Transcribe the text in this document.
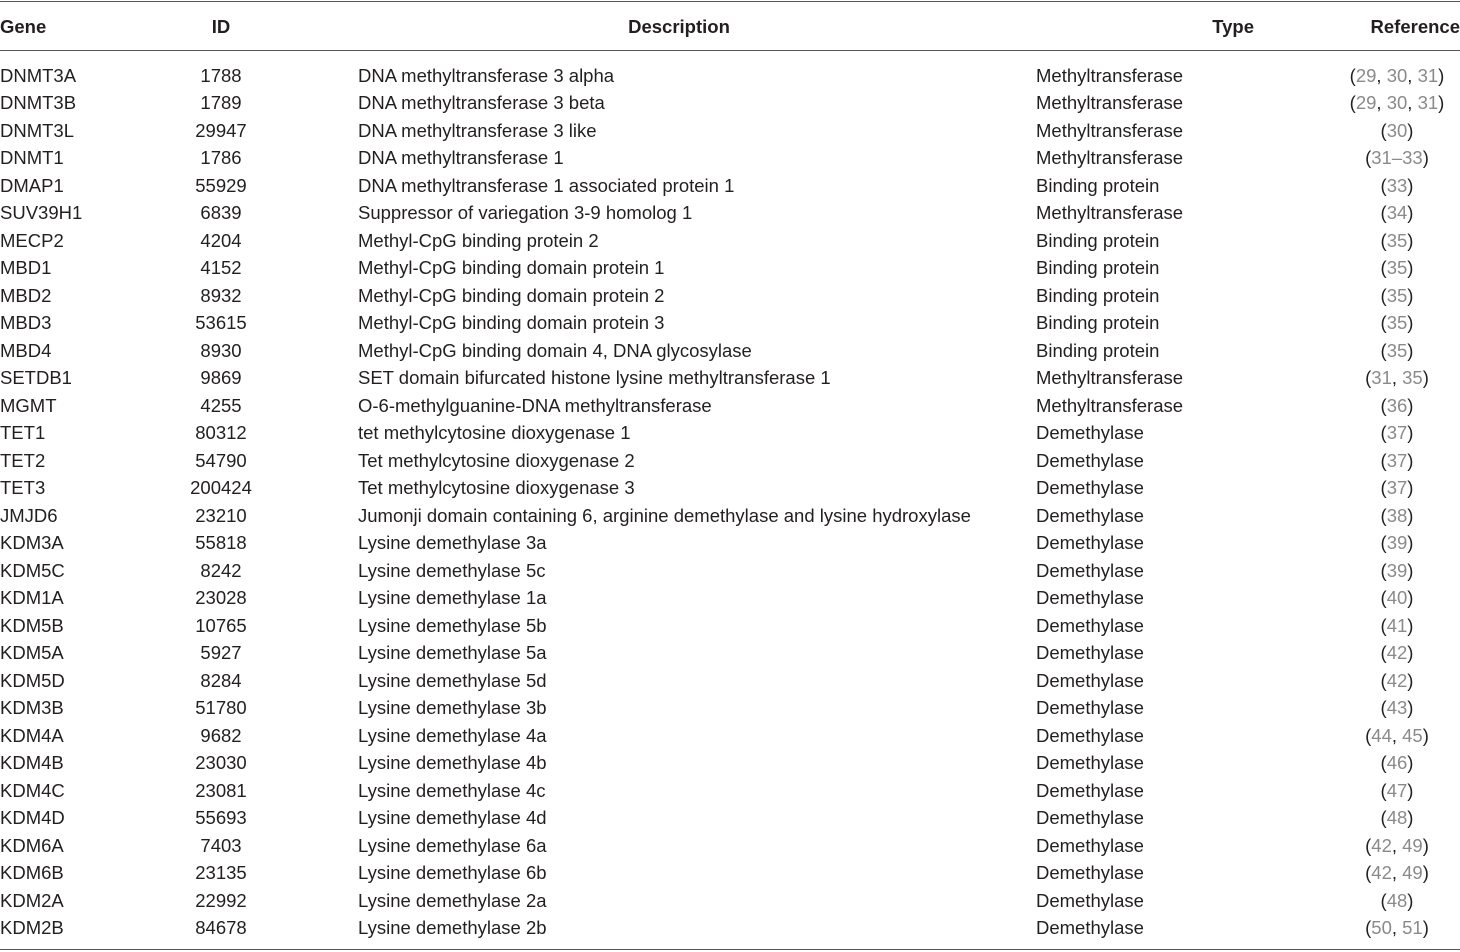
Gene	ID	Description	Type	Reference
DNMT3A	1788	DNA methyltransferase 3 alpha	Methyltransferase	(29, 30, 31)
DNMT3B	1789	DNA methyltransferase 3 beta	Methyltransferase	(29, 30, 31)
DNMT3L	29947	DNA methyltransferase 3 like	Methyltransferase	(30)
DNMT1	1786	DNA methyltransferase 1	Methyltransferase	(31–33)
DMAP1	55929	DNA methyltransferase 1 associated protein 1	Binding protein	(33)
SUV39H1	6839	Suppressor of variegation 3-9 homolog 1	Methyltransferase	(34)
MECP2	4204	Methyl-CpG binding protein 2	Binding protein	(35)
MBD1	4152	Methyl-CpG binding domain protein 1	Binding protein	(35)
MBD2	8932	Methyl-CpG binding domain protein 2	Binding protein	(35)
MBD3	53615	Methyl-CpG binding domain protein 3	Binding protein	(35)
MBD4	8930	Methyl-CpG binding domain 4, DNA glycosylase	Binding protein	(35)
SETDB1	9869	SET domain bifurcated histone lysine methyltransferase 1	Methyltransferase	(31, 35)
MGMT	4255	O-6-methylguanine-DNA methyltransferase	Methyltransferase	(36)
TET1	80312	tet methylcytosine dioxygenase 1	Demethylase	(37)
TET2	54790	Tet methylcytosine dioxygenase 2	Demethylase	(37)
TET3	200424	Tet methylcytosine dioxygenase 3	Demethylase	(37)
JMJD6	23210	Jumonji domain containing 6, arginine demethylase and lysine hydroxylase	Demethylase	(38)
KDM3A	55818	Lysine demethylase 3a	Demethylase	(39)
KDM5C	8242	Lysine demethylase 5c	Demethylase	(39)
KDM1A	23028	Lysine demethylase 1a	Demethylase	(40)
KDM5B	10765	Lysine demethylase 5b	Demethylase	(41)
KDM5A	5927	Lysine demethylase 5a	Demethylase	(42)
KDM5D	8284	Lysine demethylase 5d	Demethylase	(42)
KDM3B	51780	Lysine demethylase 3b	Demethylase	(43)
KDM4A	9682	Lysine demethylase 4a	Demethylase	(44, 45)
KDM4B	23030	Lysine demethylase 4b	Demethylase	(46)
KDM4C	23081	Lysine demethylase 4c	Demethylase	(47)
KDM4D	55693	Lysine demethylase 4d	Demethylase	(48)
KDM6A	7403	Lysine demethylase 6a	Demethylase	(42, 49)
KDM6B	23135	Lysine demethylase 6b	Demethylase	(42, 49)
KDM2A	22992	Lysine demethylase 2a	Demethylase	(48)
KDM2B	84678	Lysine demethylase 2b	Demethylase	(50, 51)
